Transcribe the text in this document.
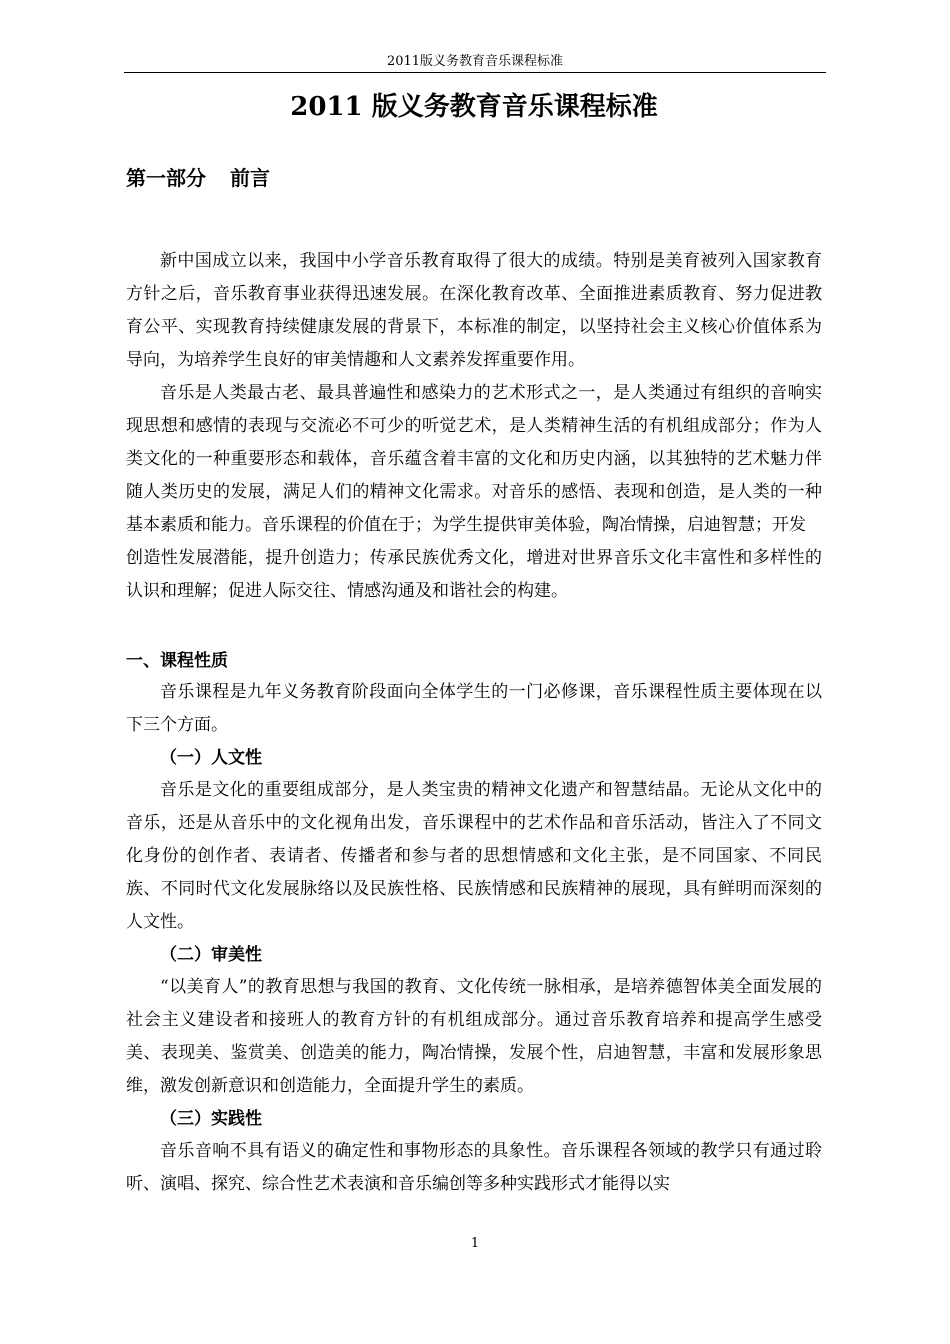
2011版义务教育音乐课程标准
2011 版义务教育音乐课程标准
第一部分 前言

新中国成立以来，我国中小学音乐教育取得了很大的成绩。特别是美育被列入国家教育方针之后，音乐教育事业获得迅速发展。在深化教育改革、全面推进素质教育、努力促进教育公平、实现教育持续健康发展的背景下，本标准的制定，以坚持社会主义核心价值体系为导向，为培养学生良好的审美情趣和人文素养发挥重要作用。

音乐是人类最古老、最具普遍性和感染力的艺术形式之一，是人类通过有组织的音响实现思想和感情的表现与交流必不可少的听觉艺术，是人类精神生活的有机组成部分；作为人类文化的一种重要形态和载体，音乐蕴含着丰富的文化和历史内涵，以其独特的艺术魅力伴随人类历史的发展，满足人们的精神文化需求。对音乐的感悟、表现和创造，是人类的一种基本素质和能力。音乐课程的价值在于；为学生提供审美体验，陶冶情操，启迪智慧；开发

创造性发展潜能，提升创造力；传承民族优秀文化，增进对世界音乐文化丰富性和多样性的认识和理解；促进人际交往、情感沟通及和谐社会的构建。

一、课程性质

音乐课程是九年义务教育阶段面向全体学生的一门必修课，音乐课程性质主要体现在以下三个方面。

（一）人文性

音乐是文化的重要组成部分，是人类宝贵的精神文化遗产和智慧结晶。无论从文化中的音乐，还是从音乐中的文化视角出发，音乐课程中的艺术作品和音乐活动，皆注入了不同文化身份的创作者、表请者、传播者和参与者的思想情感和文化主张，是不同国家、不同民族、不同时代文化发展脉络以及民族性格、民族情感和民族精神的展现，具有鲜明而深刻的人文性。

（二）审美性

“以美育人”的教育思想与我国的教育、文化传统一脉相承，是培养德智体美全面发展的社会主义建设者和接班人的教育方针的有机组成部分。通过音乐教育培养和提高学生感受美、表现美、鉴赏美、创造美的能力，陶冶情操，发展个性，启迪智慧，丰富和发展形象思维，激发创新意识和创造能力，全面提升学生的素质。

（三）实践性

音乐音响不具有语义的确定性和事物形态的具象性。音乐课程各领域的教学只有通过聆听、演唱、探究、综合性艺术表演和音乐编创等多种实践形式才能得以实

1
